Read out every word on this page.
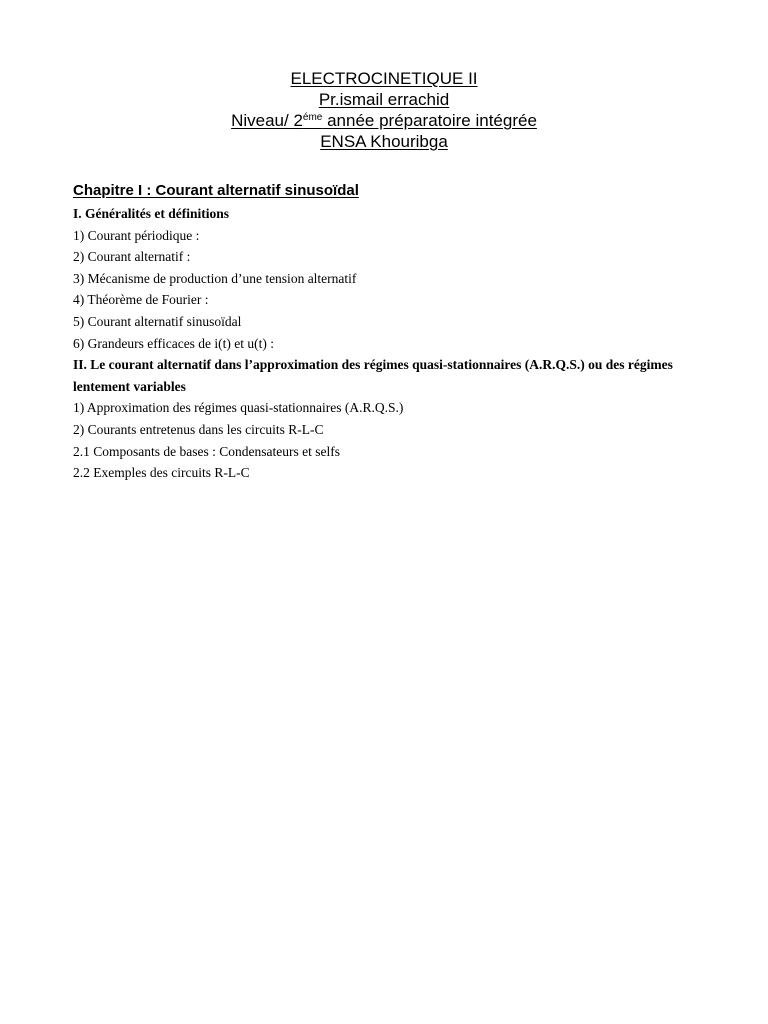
ELECTROCINETIQUE II
Pr.ismail errachid
Niveau/ $2^{éme}$ année préparatoire intégrée
ENSA Khouribga
Chapitre I : Courant alternatif sinusoïdal
I. Généralités et définitions
1) Courant périodique :
2) Courant alternatif :
3) Mécanisme de production d’une tension alternatif
4) Théorème de Fourier :
5) Courant alternatif sinusoïdal
6) Grandeurs efficaces de i(t) et u(t) :
II. Le courant alternatif dans l’approximation des régimes quasi-stationnaires (A.R.Q.S.) ou des régimes lentement variables
1) Approximation des régimes quasi-stationnaires (A.R.Q.S.)
2) Courants entretenus dans les circuits R-L-C
2.1 Composants de bases : Condensateurs et selfs
2.2 Exemples des circuits R-L-C
